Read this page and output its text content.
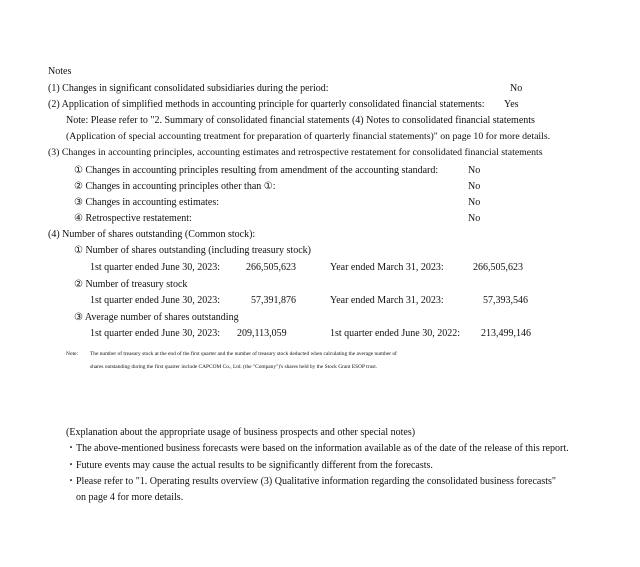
Notes
(1) Changes in significant consolidated subsidiaries during the period:	No
(2) Application of simplified methods in accounting principle for quarterly consolidated financial statements: Yes
Note: Please refer to "2. Summary of consolidated financial statements (4) Notes to consolidated financial statements
(Application of special accounting treatment for preparation of quarterly financial statements)" on page 10 for more details.
(3) Changes in accounting principles, accounting estimates and retrospective restatement for consolidated financial statements
① Changes in accounting principles resulting from amendment of the accounting standard:	No
② Changes in accounting principles other than ①:	No
③ Changes in accounting estimates:	No
④ Retrospective restatement:	No
(4) Number of shares outstanding (Common stock):
① Number of shares outstanding (including treasury stock)
1st quarter ended June 30, 2023:	266,505,623	Year ended March 31, 2023:	266,505,623
② Number of treasury stock
1st quarter ended June 30, 2023:	57,391,876	Year ended March 31, 2023:	57,393,546
③ Average number of shares outstanding
1st quarter ended June 30, 2023: 209,113,059	1st quarter ended June 30, 2022: 213,499,146
Note: The number of treasury stock at the end of the first quarter and the number of treasury stock deducted when calculating the average number of
shares outstanding during the first quarter include CAPCOM Co., Ltd. (the "Company")'s shares held by the Stock Grant ESOP trust.
(Explanation about the appropriate usage of business prospects and other special notes)
・The above-mentioned business forecasts were based on the information available as of the date of the release of this report.
・Future events may cause the actual results to be significantly different from the forecasts.
・Please refer to "1. Operating results overview (3) Qualitative information regarding the consolidated business forecasts"
on page 4 for more details.
